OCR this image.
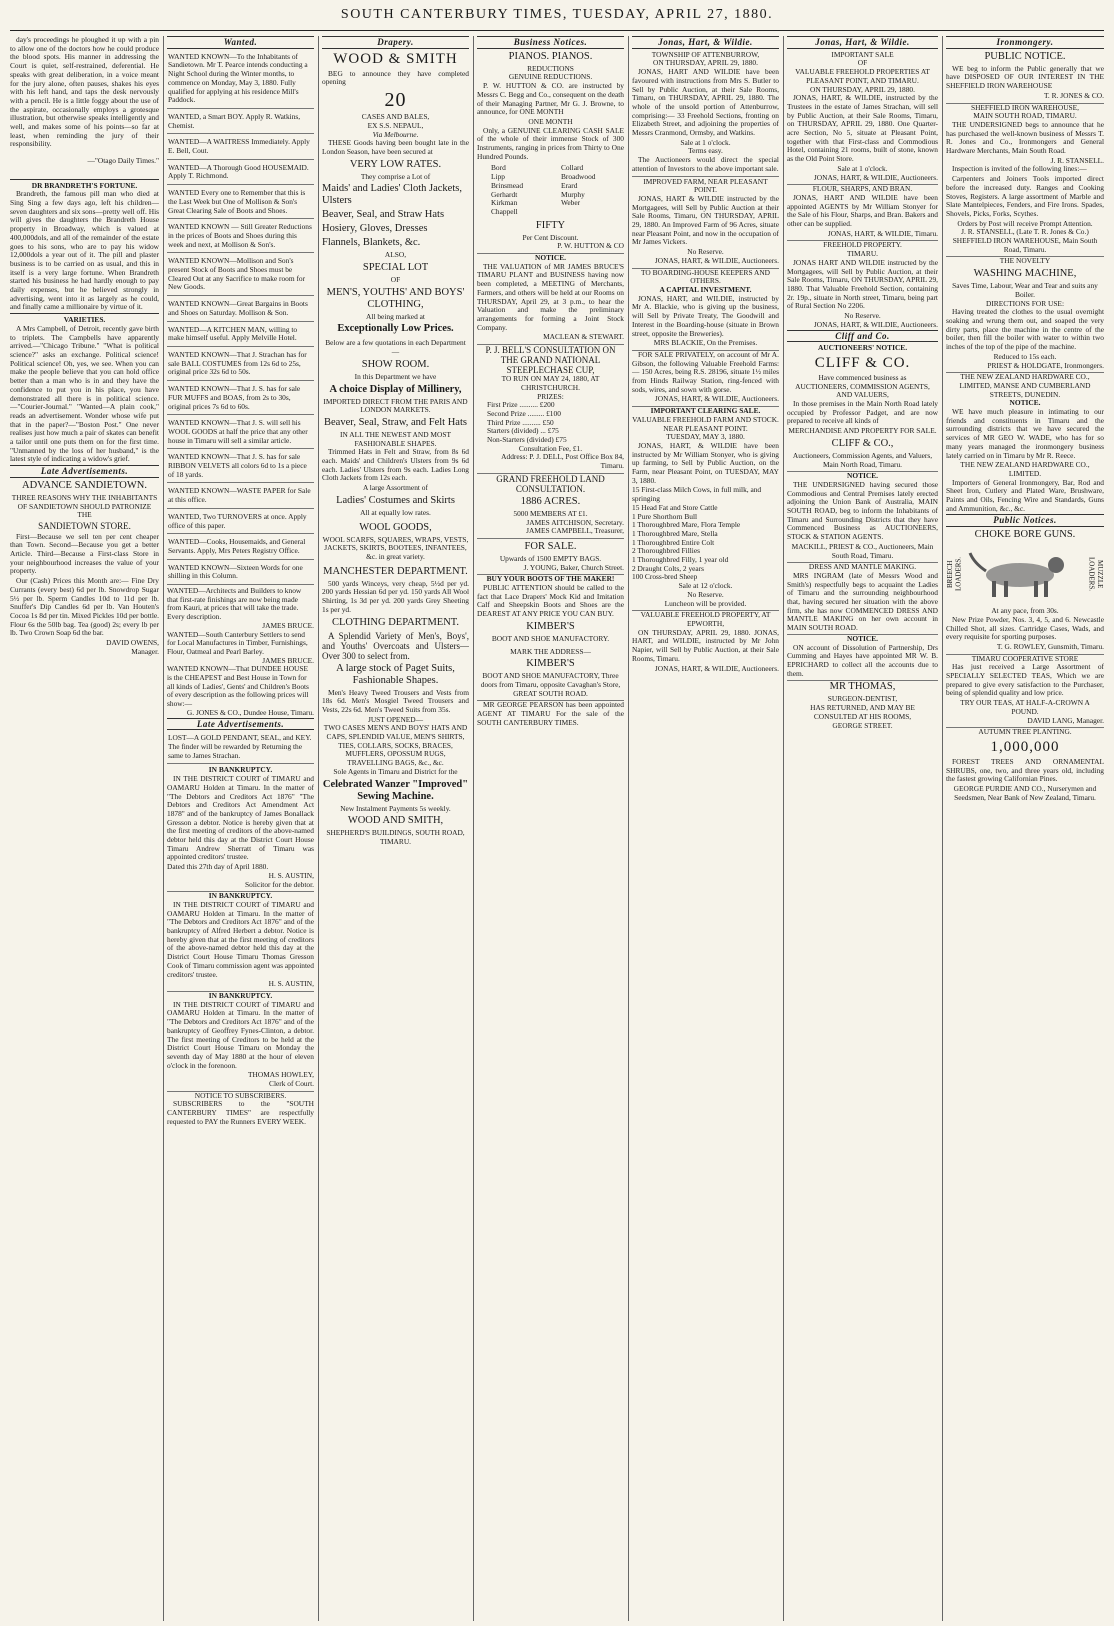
SOUTH CANTERBURY TIMES, TUESDAY, APRIL 27, 1880.

day's proceedings he ploughed it up with a pin to allow one of the doctors how he could produce the blood spots. His manner in addressing the Court is quiet, self-restrained, deferential. He speaks with great deliberation, in a voice meant for the jury alone, often pauses, shakes his eyes with his left hand, and taps the desk nervously with a pencil. He is a little foggy about the use of the aspirate, occasionally employs a grotesque illustration, but otherwise speaks intelligently and well, and makes some of his points—so far at least, when reminding the jury of their responsibility.

—"Otago Daily Times."

DR BRANDRETH'S FORTUNE.

Brandreth, the famous pill man who died at Sing Sing a few days ago, left his children—seven daughters and six sons—pretty well off. His will gives the daughters the Brandreth House property in Broadway, which is valued at 400,000dols, and all of the remainder of the estate goes to his sons, who are to pay his widow 12,000dols a year out of it. The pill and plaster business is to be carried on as usual, and this in itself is a very large fortune. When Brandreth started his business he had hardly enough to pay daily expenses, but he believed strongly in advertising, went into it as largely as he could, and finally came a millionaire by virtue of it.

VARIETIES.

A Mrs Campbell, of Detroit, recently gave birth to triplets. The Campbells have apparently arrived.—"Chicago Tribune." "What is political science?" asks an exchange. Political science! Political science! Oh, yes, we see. When you can make the people believe that you can hold office better than a man who is in and they have the confidence to put you in his place, you have demonstrated all there is in political science.—"Courier-Journal." "Wanted—A plain cook," reads an advertisement. Wonder whose wife put that in the paper?—"Boston Post." One never realises just how much a pair of skates can benefit a tailor until one puts them on for the first time. "Unmanned by the loss of her husband," is the latest style of indicating a widow's grief.

Late Advertisements.
ADVANCE SANDIETOWN.
THREE REASONS WHY THE INHABITANTS OF SANDIETOWN SHOULD PATRONIZE THE
SANDIETOWN STORE.

First—Because we sell ten per cent cheaper than Town. Second—Because you get a better Article. Third—Because a First-class Store in your neighbourhood increases the value of your property.

Our (Cash) Prices this Month are:— Fine Dry Currants (every best) 6d per lb. Snowdrop Sugar 5½ per lb. Sperm Candles 10d to 11d per lb. Snuffer's Dip Candles 6d per lb. Van Houten's Cocoa 1s 8d per tin. Mixed Pickles 10d per bottle. Flour 6s the 50lb bag. Tea (good) 2s; every lb per lb. Two Crown Soap 6d the bar.

DAVID OWENS,
Manager.
Wanted.
WANTED KNOWN—To the Inhabitants of Sandietown. Mr T. Pearce intends conducting a Night School during the Winter months, to commence on Monday, May 3, 1880. Fully qualified for applying at his residence Mill's Paddock.
WANTED, a Smart BOY. Apply R. Watkins, Chemist.
WANTED—A WAITRESS Immediately. Apply E. Bell, Cout.
WANTED—A Thorough Good HOUSEMAID. Apply T. Richmond.
WANTED Every one to Remember that this is the Last Week but One of Mollison & Son's Great Clearing Sale of Boots and Shoes.
WANTED KNOWN — Still Greater Reductions in the prices of Boots and Shoes during this week and next, at Mollison & Son's.
WANTED KNOWN—Mollison and Son's present Stock of Boots and Shoes must be Cleared Out at any Sacrifice to make room for New Goods.
WANTED KNOWN—Great Bargains in Boots and Shoes on Saturday. Mollison & Son.
WANTED—A KITCHEN MAN, willing to make himself useful. Apply Melville Hotel.
WANTED KNOWN—That J. Strachan has for sale BALL COSTUMES from 12s 6d to 25s, original price 32s 6d to 50s.
WANTED KNOWN—That J. S. has for sale FUR MUFFS and BOAS, from 2s to 30s, original prices 7s 6d to 60s.
WANTED KNOWN—That J. S. will sell his WOOL GOODS at half the price that any other house in Timaru will sell a similar article.
WANTED KNOWN—That J. S. has for sale RIBBON VELVETS all colors 6d to 1s a piece of 18 yards.
WANTED KNOWN—WASTE PAPER for Sale at this office.
WANTED, Two TURNOVERS at once. Apply office of this paper.
WANTED—Cooks, Housemaids, and General Servants. Apply, Mrs Peters Registry Office.
WANTED KNOWN—Sixteen Words for one shilling in this Column.
WANTED—Architects and Builders to know that first-rate finishings are now being made from Kauri, at prices that will take the trade. Every description.
JAMES BRUCE.
WANTED—South Canterbury Settlers to send for Local Manufactures in Timber, Furnishings, Flour, Oatmeal and Pearl Barley.
JAMES BRUCE.
WANTED KNOWN—That DUNDEE HOUSE is the CHEAPEST and Best House in Town for all kinds of Ladies', Gents' and Children's Boots of every description as the following prices will show:—
G. JONES & CO., Dundee House, Timaru.
Late Advertisements.
LOST—A GOLD PENDANT, SEAL, and KEY. The finder will be rewarded by Returning the same to James Strachan.
IN BANKRUPTCY.

IN THE DISTRICT COURT of TIMARU and OAMARU Holden at Timaru. In the matter of "The Debtors and Creditors Act 1876" "The Debtors and Creditors Act Amendment Act 1878" and of the bankruptcy of James Bonallack Gresson a debtor. Notice is hereby given that at the first meeting of creditors of the above-named debtor held this day at the District Court House Timaru Andrew Sherratt of Timaru was appointed creditors' trustee.

Dated this 27th day of April 1880.
H. S. AUSTIN,
Solicitor for the debtor.
IN BANKRUPTCY.

IN THE DISTRICT COURT of TIMARU and OAMARU Holden at Timaru. In the matter of "The Debtors and Creditors Act 1876" and of the bankruptcy of Alfred Herbert a debtor. Notice is hereby given that at the first meeting of creditors of the above-named debtor held this day at the District Court House Timaru Thomas Gresson Cook of Timaru commission agent was appointed creditors' trustee.

H. S. AUSTIN,
IN BANKRUPTCY.

IN THE DISTRICT COURT of TIMARU and OAMARU Holden at Timaru. In the matter of "The Debtors and Creditors Act 1876" and of the bankruptcy of Geoffrey Fynes-Clinton, a debtor. The first meeting of Creditors to be held at the District Court House Timaru on Monday the seventh day of May 1880 at the hour of eleven o'clock in the forenoon.

THOMAS HOWLEY,
Clerk of Court.
NOTICE TO SUBSCRIBERS.

SUBSCRIBERS to the "SOUTH CANTERBURY TIMES" are respectfully requested to PAY the Runners EVERY WEEK.

Drapery.
WOOD & SMITH
BEG to announce they have completed opening
20
CASES AND BALES,
EX S.S. NEPAUL,
Via Melbourne.

THESE Goods having been bought late in the London Season, have been secured at

VERY LOW RATES.
They comprise a Lot of
Maids' and Ladies' Cloth Jackets, Ulsters
Beaver, Seal, and Straw Hats
Hosiery, Gloves, Dresses
Flannels, Blankets, &c.
ALSO,
SPECIAL LOT
OF
MEN'S, YOUTHS' AND BOYS' CLOTHING,
All being marked at
Exceptionally Low Prices.
Below are a few quotations in each Department—
SHOW ROOM.
In this Department we have
A choice Display of Millinery,
IMPORTED DIRECT FROM THE PARIS AND LONDON MARKETS.
Beaver, Seal, Straw, and Felt Hats
IN ALL THE NEWEST AND MOST FASHIONABLE SHAPES.

Trimmed Hats in Felt and Straw, from 8s 6d each. Maids' and Children's Ulsters from 9s 6d each. Ladies' Ulsters from 9s each. Ladies Long Cloth Jackets from 12s each.

A large Assortment of
Ladies' Costumes and Skirts
All at equally low rates.
WOOL GOODS,
WOOL SCARFS, SQUARES, WRAPS, VESTS, JACKETS, SKIRTS, BOOTEES, INFANTEES, &c. in great variety.
MANCHESTER DEPARTMENT.

500 yards Winceys, very cheap, 5½d per yd. 200 yards Hessian 6d per yd. 150 yards All Wool Shirting, 1s 3d per yd. 200 yards Grey Sheeting 1s per yd.

CLOTHING DEPARTMENT.

A Splendid Variety of Men's, Boys', and Youths' Overcoats and Ulsters—Over 300 to select from.

A large stock of Paget Suits, Fashionable Shapes.

Men's Heavy Tweed Trousers and Vests from 18s 6d. Men's Mosgiel Tweed Trousers and Vests, 22s 6d. Men's Tweed Suits from 35s.

JUST OPENED—
TWO CASES MEN'S AND BOYS' HATS AND CAPS, SPLENDID VALUE, MEN'S SHIRTS, TIES, COLLARS, SOCKS, BRACES, MUFFLERS, OPOSSUM RUGS, TRAVELLING BAGS, &c., &c.
Sole Agents in Timaru and District for the
Celebrated Wanzer "Improved" Sewing Machine.
New Instalment Payments 5s weekly.
WOOD AND SMITH,
SHEPHERD'S BUILDINGS, SOUTH ROAD, TIMARU.
Business Notices.
PIANOS. PIANOS.
REDUCTIONS
GENUINE REDUCTIONS.

P. W. HUTTON & CO. are instructed by Messrs C. Begg and Co., consequent on the death of their Managing Partner, Mr G. J. Browne, to announce, for ONE MONTH

ONE MONTH

Only, a GENUINE CLEARING CASH SALE of the whole of their immense Stock of 300 Instruments, ranging in prices from Thirty to One Hundred Pounds.

Bord
Lipp
Brinsmead
Gerhardt
Kirkman
Chappell
Collard
Broadwood
Erard
Murphy
Weber
FIFTY
Per Cent Discount.
P. W. HUTTON & CO
NOTICE.

THE VALUATION of MR JAMES BRUCE'S TIMARU PLANT and BUSINESS having now been completed, a MEETING of Merchants, Farmers, and others will be held at our Rooms on THURSDAY, April 29, at 3 p.m., to hear the Valuation and make the preliminary arrangements for forming a Joint Stock Company.

MACLEAN & STEWART.
P. J. BELL'S CONSULTATION ON THE GRAND NATIONAL STEEPLECHASE CUP,
TO RUN ON MAY 24, 1880, AT CHRISTCHURCH.
PRIZES:
First Prize .......... £200
Second Prize ......... £100
Third Prize .......... £50
Starters (divided) ... £75
Non-Starters (divided) £75
Consultation Fee, £1.
Address: P. J. DELL, Post Office Box 84, Timaru.
GRAND FREEHOLD LAND CONSULTATION.
1886 ACRES.
5000 MEMBERS AT £1.
JAMES AITCHISON, Secretary.
JAMES CAMPBELL, Treasurer,
FOR SALE.
Upwards of 1500 EMPTY BAGS.
J. YOUNG, Baker, Church Street.
BUY YOUR BOOTS OF THE MAKER!

PUBLIC ATTENTION should be called to the fact that Lace Drapers' Mock Kid and Imitation Calf and Sheepskin Boots and Shoes are the DEAREST AT ANY PRICE YOU CAN BUY.

KIMBER'S
BOOT AND SHOE MANUFACTORY.
MARK THE ADDRESS—
KIMBER'S
BOOT AND SHOE MANUFACTORY, Three doors from Timaru, opposite Cavaghan's Store, GREAT SOUTH ROAD.

MR GEORGE PEARSON has been appointed AGENT AT TIMARU For the sale of the SOUTH CANTERBURY TIMES.

Jonas, Hart, & Wildie.
TOWNSHIP OF ATTENBURROW,
ON THURSDAY, APRIL 29, 1880.

JONAS, HART AND WILDIE have been favoured with instructions from Mrs S. Butler to Sell by Public Auction, at their Sale Rooms, Timaru, on THURSDAY, APRIL 29, 1880. The whole of the unsold portion of Attenburrow, comprising:— 33 Freehold Sections, fronting on Elizabeth Street, and adjoining the properties of Messrs Cranmond, Ormsby, and Watkins.

Sale at 1 o'clock.
Terms easy.

The Auctioneers would direct the special attention of Investors to the above important sale.

IMPROVED FARM, NEAR PLEASANT POINT.

JONAS, HART & WILDIE instructed by the Mortgagees, will Sell by Public Auction at their Sale Rooms, Timaru, ON THURSDAY, APRIL 29, 1880. An Improved Farm of 96 Acres, situate near Pleasant Point, and now in the occupation of Mr James Vickers.

No Reserve.
JONAS, HART, & WILDIE, Auctioneers.
TO BOARDING-HOUSE KEEPERS AND OTHERS.
A CAPITAL INVESTMENT.

JONAS, HART, and WILDIE, instructed by Mr A. Blackie, who is giving up the business, will Sell by Private Treaty, The Goodwill and Interest in the Boarding-house (situate in Brown street, opposite the Breweries).

MRS BLACKIE, On the Premises.

FOR SALE PRIVATELY, on account of Mr A. Gibson, the following Valuable Freehold Farms:— 150 Acres, being R.S. 28196, situate 1½ miles from Hinds Railway Station, ring-fenced with sods, wires, and sown with gorse.

JONAS, HART, & WILDIE, Auctioneers.
IMPORTANT CLEARING SALE.
VALUABLE FREEHOLD FARM AND STOCK.
NEAR PLEASANT POINT.
TUESDAY, MAY 3, 1880.

JONAS, HART, & WILDIE have been instructed by Mr William Stonyer, who is giving up farming, to Sell by Public Auction, on the Farm, near Pleasant Point, on TUESDAY, MAY 3, 1880.

15 First-class Milch Cows, in full milk, and springing
15 Head Fat and Store Cattle
1 Pure Shorthorn Bull
1 Thoroughbred Mare, Flora Temple
1 Thoroughbred Mare, Stella
1 Thoroughbred Entire Colt
2 Thoroughbred Fillies
1 Thoroughbred Filly, 1 year old
2 Draught Colts, 2 years
100 Cross-bred Sheep
Sale at 12 o'clock.
No Reserve.
Luncheon will be provided.
VALUABLE FREEHOLD PROPERTY, AT EPWORTH,

ON THURSDAY, APRIL 29, 1880. JONAS, HART, and WILDIE, instructed by Mr John Napier, will Sell by Public Auction, at their Sale Rooms, Timaru.

JONAS, HART, & WILDIE, Auctioneers.
Jonas, Hart, & Wildie.
IMPORTANT SALE
OF
VALUABLE FREEHOLD PROPERTIES AT PLEASANT POINT, AND TIMARU.
ON THURSDAY, APRIL 29, 1880.

JONAS, HART, & WILDIE, instructed by the Trustees in the estate of James Strachan, will sell by Public Auction, at their Sale Rooms, Timaru, on THURSDAY, APRIL 29, 1880. One Quarter-acre Section, No 5, situate at Pleasant Point, together with that First-class and Commodious Hotel, containing 21 rooms, built of stone, known as the Old Point Store.

Sale at 1 o'clock.
JONAS, HART, & WILDIE, Auctioneers.
FLOUR, SHARPS, AND BRAN.

JONAS, HART AND WILDIE have been appointed AGENTS by Mr William Stonyer for the Sale of his Flour, Sharps, and Bran. Bakers and other can be supplied.

JONAS, HART, & WILDIE, Timaru.
FREEHOLD PROPERTY.
TIMARU.

JONAS HART AND WILDIE instructed by the Mortgagees, will Sell by Public Auction, at their Sale Rooms, Timaru, ON THURSDAY, APRIL 29, 1880. That Valuable Freehold Section, containing 2r. 19p., situate in North street, Timaru, being part of Rural Section No 2206.

No Reserve.
JONAS, HART, & WILDIE, Auctioneers.
Cliff and Co.
AUCTIONEERS' NOTICE.
CLIFF & CO.
Have commenced business as
AUCTIONEERS, COMMISSION AGENTS, AND VALUERS,

In those premises in the Main North Road lately occupied by Professor Padget, and are now prepared to receive all kinds of

MERCHANDISE AND PROPERTY FOR SALE.
CLIFF & CO.,
Auctioneers, Commission Agents, and Valuers, Main North Road, Timaru.
NOTICE.

THE UNDERSIGNED having secured those Commodious and Central Premises lately erected adjoining the Union Bank of Australia, MAIN SOUTH ROAD, beg to inform the Inhabitants of Timaru and Surrounding Districts that they have Commenced Business as AUCTIONEERS, STOCK & STATION AGENTS.

MACKILL, PRIEST & CO., Auctioneers, Main South Road, Timaru.
DRESS AND MANTLE MAKING.

MRS INGRAM (late of Messrs Wood and Smith's) respectfully begs to acquaint the Ladies of Timaru and the surrounding neighbourhood that, having secured her situation with the above firm, she has now COMMENCED DRESS AND MANTLE MAKING on her own account in MAIN SOUTH ROAD.

NOTICE.

ON account of Dissolution of Partnership, Drs Cumming and Hayes have appointed MR W. B. EPRICHARD to collect all the accounts due to them.

MR THOMAS,
SURGEON-DENTIST,
HAS RETURNED, AND MAY BE
CONSULTED AT HIS ROOMS,
GEORGE STREET.
Ironmongery.
PUBLIC NOTICE.

WE beg to inform the Public generally that we have DISPOSED OF OUR INTEREST IN THE SHEFFIELD IRON WAREHOUSE

T. R. JONES & CO.
SHEFFIELD IRON WAREHOUSE,
MAIN SOUTH ROAD, TIMARU.

THE UNDERSIGNED begs to announce that he has purchased the well-known business of Messrs T. R. Jones and Co., Ironmongers and General Hardware Merchants, Main South Road.

J. R. STANSELL.

Inspection is invited of the following lines:—

Carpenters and Joiners Tools imported direct before the increased duty. Ranges and Cooking Stoves, Registers. A large assortment of Marble and Slate Mantelpieces, Fenders, and Fire Irons. Spades, Shovels, Picks, Forks, Scythes.

Orders by Post will receive Prompt Attention.
J. R. STANSELL, (Late T. R. Jones & Co.) SHEFFIELD IRON WAREHOUSE, Main South Road, Timaru.
THE NOVELTY
WASHING MACHINE,
Saves Time, Labour, Wear and Tear and suits any Boiler.
DIRECTIONS FOR USE:

Having treated the clothes to the usual overnight soaking and wrung them out, and soaped the very dirty parts, place the machine in the centre of the boiler, then fill the boiler with water to within two inches of the top of the pipe of the machine.

Reduced to 15s each.
PRIEST & HOLDGATE, Ironmongers.
THE NEW ZEALAND HARDWARE CO., LIMITED, MANSE AND CUMBERLAND STREETS, DUNEDIN.
NOTICE.

WE have much pleasure in intimating to our friends and constituents in Timaru and the surrounding districts that we have secured the services of MR GEO W. WADE, who has for so many years managed the ironmongery business lately carried on in Timaru by Mr R. Reece.

THE NEW ZEALAND HARDWARE CO., LIMITED.

Importers of General Ironmongery, Bar, Rod and Sheet Iron, Cutlery and Plated Ware, Brushware, Paints and Oils, Fencing Wire and Standards, Guns and Ammunition, &c., &c.

Public Notices.
CHOKE BORE GUNS.
BREECH LOADERS.	MUZZLE LOADERS.
At any pace, from 30s.

New Prize Powder, Nos. 3, 4, 5, and 6. Newcastle Chilled Shot, all sizes. Cartridge Cases, Wads, and every requisite for sporting purposes.

T. G. ROWLEY, Gunsmith, Timaru.
TIMARU COOPERATIVE STORE

Has just received a Large Assortment of SPECIALLY SELECTED TEAS, Which we are prepared to give every satisfaction to the Purchaser, being of splendid quality and low price.

TRY OUR TEAS, AT HALF-A-CROWN A POUND.
DAVID LANG, Manager.
AUTUMN TREE PLANTING.
1,000,000

FOREST TREES AND ORNAMENTAL SHRUBS, one, two, and three years old, including the fastest growing Californian Pines.

GEORGE PURDIE AND CO., Nurserymen and Seedsmen, Near Bank of New Zealand, Timaru.
